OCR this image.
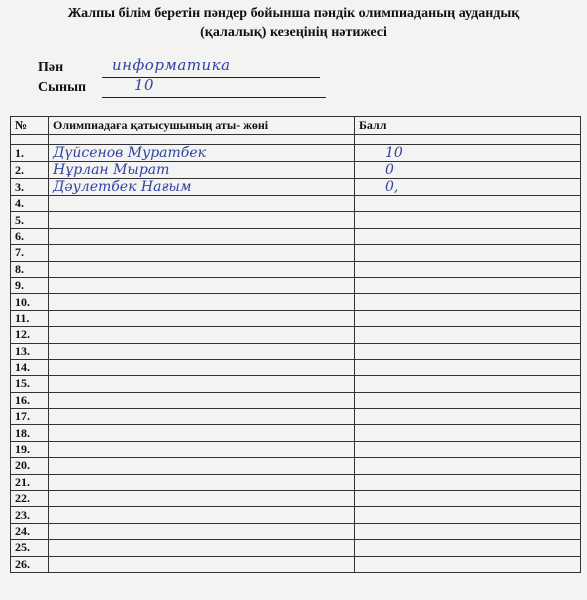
Жалпы білім беретін пәндер бойынша пәндік олимпиаданың аудандық
(қалалық) кезеңінің нәтижесі
Пән	информатика
Сынып	10
№	Олимпиадаға қатысушының аты- жөні	Балл

1.	Дүйсенов Муратбек	10
2.	Нұрлан Мырат	0
3.	Дәулетбек Нағым	0,
4.		
5.		
6.		
7.		
8.		
9.		
10.		
11.		
12.		
13.		
14.		
15.		
16.		
17.		
18.		
19.		
20.		
21.		
22.		
23.		
24.		
25.		
26.		
